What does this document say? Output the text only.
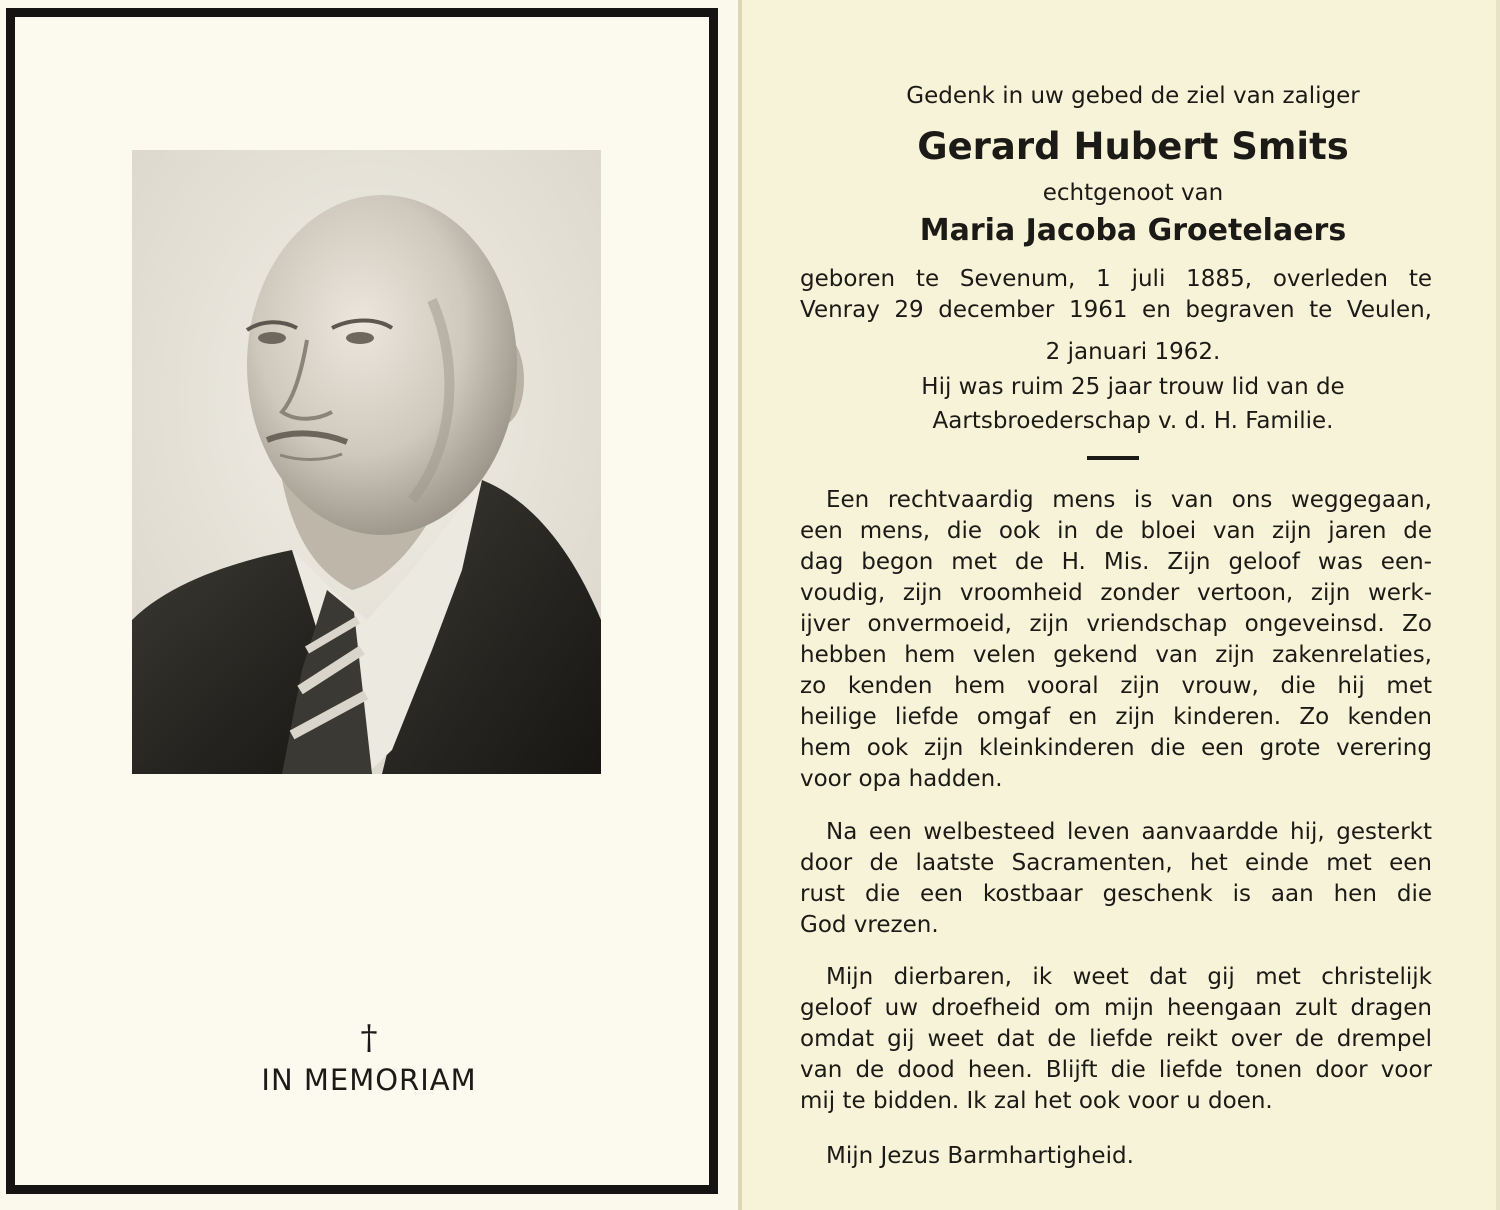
†
IN MEMORIAM
Gedenk in uw gebed de ziel van zaliger
Gerard Hubert Smits
echtgenoot van
Maria Jacoba Groetelaers
geboren te Sevenum, 1 juli 1885, overleden te
Venray 29 december 1961 en begraven te Veulen,
2 januari 1962.
Hij was ruim 25 jaar trouw lid van de
Aartsbroederschap v. d. H. Familie.
Een rechtvaardig mens is van ons weggegaan,
een mens, die ook in de bloei van zijn jaren de
dag begon met de H. Mis. Zijn geloof was een-
voudig, zijn vroomheid zonder vertoon, zijn werk-
ijver onvermoeid, zijn vriendschap ongeveinsd. Zo
hebben hem velen gekend van zijn zakenrelaties,
zo kenden hem vooral zijn vrouw, die hij met
heilige liefde omgaf en zijn kinderen. Zo kenden
hem ook zijn kleinkinderen die een grote verering
voor opa hadden.
Na een welbesteed leven aanvaardde hij, gesterkt
door de laatste Sacramenten, het einde met een
rust die een kostbaar geschenk is aan hen die
God vrezen.
Mijn dierbaren, ik weet dat gij met christelijk
geloof uw droefheid om mijn heengaan zult dragen
omdat gij weet dat de liefde reikt over de drempel
van de dood heen. Blijft die liefde tonen door voor
mij te bidden. Ik zal het ook voor u doen.
Mijn Jezus Barmhartigheid.
